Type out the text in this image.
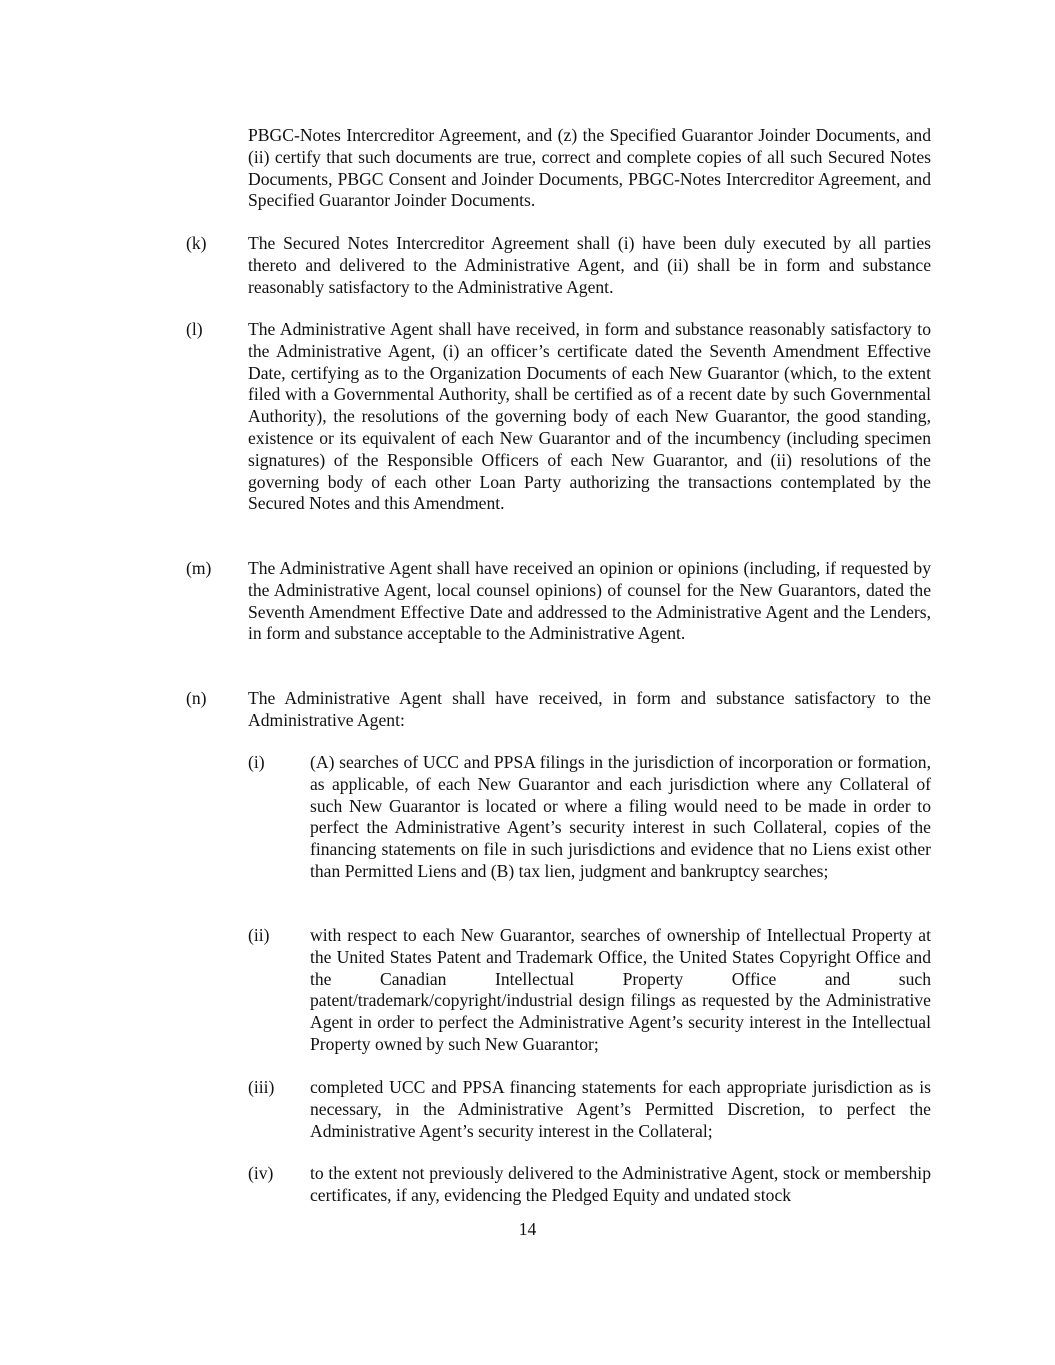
PBGC-Notes Intercreditor Agreement, and (z) the Specified Guarantor Joinder Documents, and (ii) certify that such documents are true, correct and complete copies of all such Secured Notes Documents, PBGC Consent and Joinder Documents, PBGC-Notes Intercreditor Agreement, and Specified Guarantor Joinder Documents.

(k) The Secured Notes Intercreditor Agreement shall (i) have been duly executed by all parties thereto and delivered to the Administrative Agent, and (ii) shall be in form and substance reasonably satisfactory to the Administrative Agent.

(l)	The Administrative Agent shall have received, in form and substance reasonably satisfactory to the Administrative Agent, (i) an officer’s certificate dated the Seventh Amendment Effective Date, certifying as to the Organization Documents of each New Guarantor (which, to the extent filed with a Governmental Authority, shall be certified as of a recent date by such Governmental Authority), the resolutions of the governing body of each New Guarantor, the good standing, existence or its equivalent of each New Guarantor and of the incumbency (including specimen signatures) of the Responsible Officers of each New Guarantor, and (ii) resolutions of the governing body of each other Loan Party authorizing the transactions contemplated by the Secured Notes and this Amendment.

(m) The Administrative Agent shall have received an opinion or opinions (including, if requested by the Administrative Agent, local counsel opinions) of counsel for the New Guarantors, dated the Seventh Amendment Effective Date and addressed to the Administrative Agent and the Lenders, in form and substance acceptable to the Administrative Agent.

(n) The Administrative Agent shall have received, in form and substance satisfactory to the Administrative Agent:

(i)	(A) searches of UCC and PPSA filings in the jurisdiction of incorporation or formation, as applicable, of each New Guarantor and each jurisdiction where any Collateral of such New Guarantor is located or where a filing would need to be made in order to perfect the Administrative Agent’s security interest in such Collateral, copies of the financing statements on file in such jurisdictions and evidence that no Liens exist other than Permitted Liens and (B) tax lien, judgment and bankruptcy searches;

(ii) with respect to each New Guarantor, searches of ownership of Intellectual Property at the United States Patent and Trademark Office, the United States Copyright Office and the Canadian Intellectual Property Office and such patent/trademark/copyright/industrial design filings as requested by the Administrative Agent in order to perfect the Administrative Agent’s security interest in the Intellectual Property owned by such New Guarantor;

(iii) completed UCC and PPSA financing statements for each appropriate jurisdiction as is necessary, in the Administrative Agent’s Permitted Discretion, to perfect the Administrative Agent’s security interest in the Collateral;

(iv) to the extent not previously delivered to the Administrative Agent, stock or membership certificates, if any, evidencing the Pledged Equity and undated stock

14
